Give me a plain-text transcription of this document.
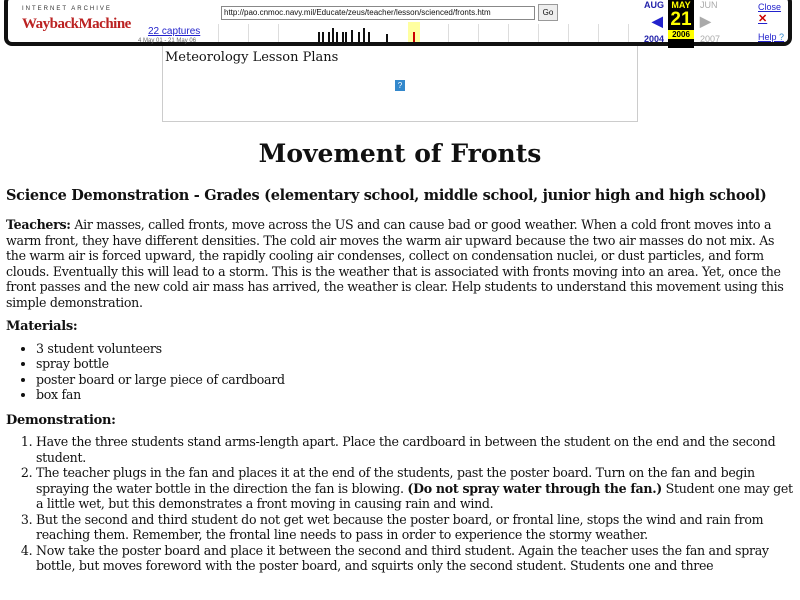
INTERNET ARCHIVE
WaybackMachine 22 captures
4 May 01 - 21 May 06
http://pao.cnmoc.navy.mil/Educate/zeus/teacher/lesson/scienced/fronts.htm	Go
AUG
2004
◀
MAY
21
2006
JUN
2007
▶
Close ✕
Help ?
Meteorology Lesson Plans
?
Movement of Fronts
Science Demonstration - Grades (elementary school, middle school, junior high and high school)

Teachers: Air masses, called fronts, move across the US and can cause bad or good weather. When a cold front moves into a warm front, they have different densities. The cold air moves the warm air upward because the two air masses do not mix. As the warm air is forced upward, the rapidly cooling air condenses, collect on condensation nuclei, or dust particles, and form clouds. Eventually this will lead to a storm. This is the weather that is associated with fronts moving into an area. Yet, once the front passes and the new cold air mass has arrived, the weather is clear. Help students to understand this movement using this simple demonstration.

Materials:
• 3 student volunteers
• spray bottle
• poster board or large piece of cardboard
• box fan
Demonstration:
1. Have the three students stand arms-length apart. Place the cardboard in between the student on the end and the second student.
2. The teacher plugs in the fan and places it at the end of the students, past the poster board. Turn on the fan and begin spraying the water bottle in the direction the fan is blowing. (Do not spray water through the fan.) Student one may get a little wet, but this demonstrates a front moving in causing rain and wind.
3. But the second and third student do not get wet because the poster board, or frontal line, stops the wind and rain from reaching them. Remember, the frontal line needs to pass in order to experience the stormy weather.
4. Now take the poster board and place it between the second and third student. Again the teacher uses the fan and spray bottle, but moves foreword with the poster board, and squirts only the second student. Students one and three
